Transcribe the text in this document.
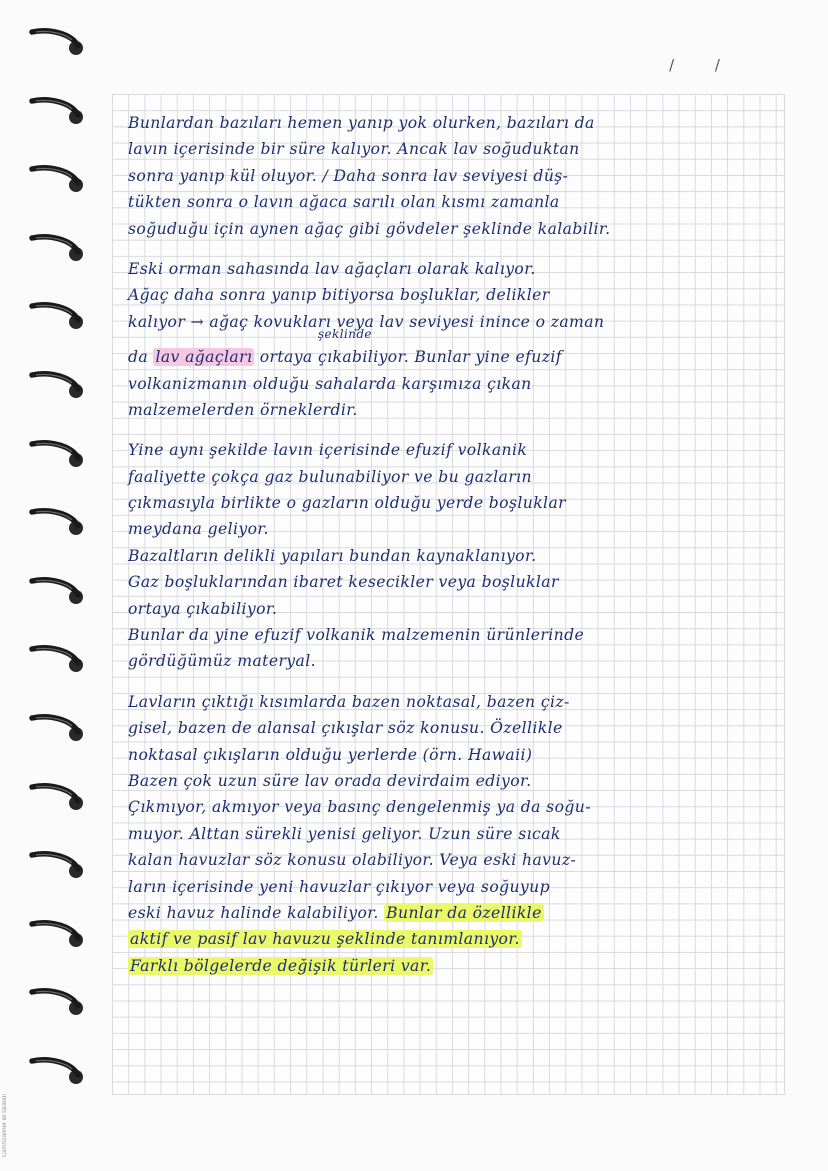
/ /
Bunlardan bazıları hemen yanıp yok olurken, bazıları da
lavın içerisinde bir süre kalıyor. Ancak lav soğuduktan
sonra yanıp kül oluyor. / Daha sonra lav seviyesi düş-
tükten sonra o lavın ağaca sarılı olan kısmı zamanla
soğuduğu için aynen ağaç gibi gövdeler şeklinde kalabilir.
Eski orman sahasında lav ağaçları olarak kalıyor.
Ağaç daha sonra yanıp bitiyorsa boşluklar, delikler
kalıyor → ağaç kovukları veya lav seviyesi inince o zaman
şeklinde
da lav ağaçları ortaya çıkabiliyor. Bunlar yine efuzif
volkanizmanın olduğu sahalarda karşımıza çıkan
malzemelerden örneklerdir.
Yine aynı şekilde lavın içerisinde efuzif volkanik
faaliyette çokça gaz bulunabiliyor ve bu gazların
çıkmasıyla birlikte o gazların olduğu yerde boşluklar
meydana geliyor.
Bazaltların delikli yapıları bundan kaynaklanıyor.
Gaz boşluklarından ibaret kesecikler veya boşluklar
ortaya çıkabiliyor.
Bunlar da yine efuzif volkanik malzemenin ürünlerinde
gördüğümüz materyal.
Lavların çıktığı kısımlarda bazen noktasal, bazen çiz-
gisel, bazen de alansal çıkışlar söz konusu. Özellikle
noktasal çıkışların olduğu yerlerde (örn. Hawaii)
Bazen çok uzun süre lav orada devirdaim ediyor.
Çıkmıyor, akmıyor veya basınç dengelenmiş ya da soğu-
muyor. Alttan sürekli yenisi geliyor. Uzun süre sıcak
kalan havuzlar söz konusu olabiliyor. Veya eski havuz-
ların içerisinde yeni havuzlar çıkıyor veya soğuyup
eski havuz halinde kalabiliyor. Bunlar da özellikle
aktif ve pasif lav havuzu şeklinde tanımlanıyor.
Farklı bölgelerde değişik türleri var.
CamScanner ile tarandı
